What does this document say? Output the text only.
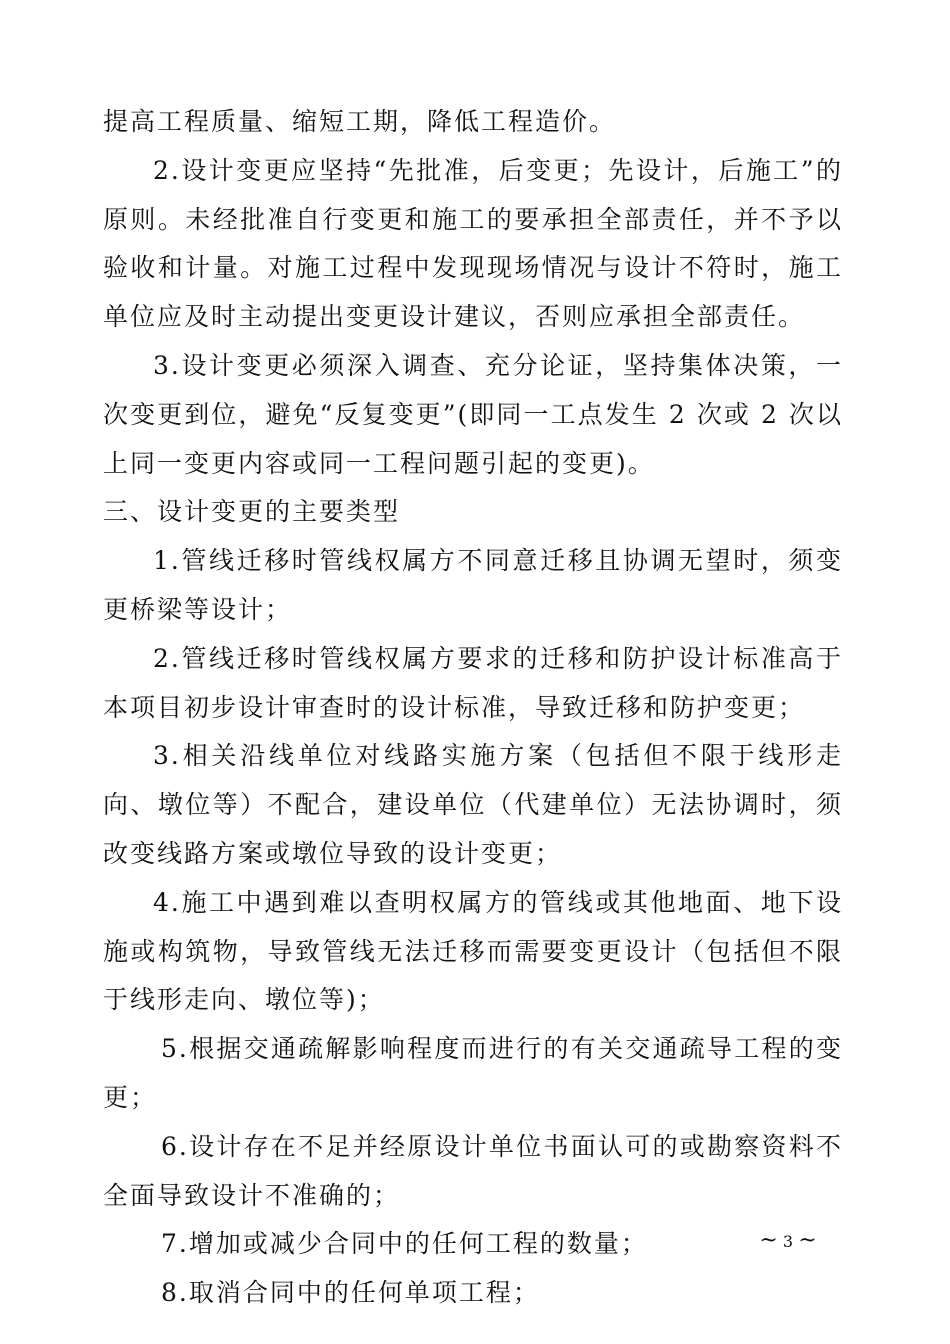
提高工程质量、缩短工期，降低工程造价。

2.设计变更应坚持“先批准，后变更；先设计，后施工”的原则。未经批准自行变更和施工的要承担全部责任，并不予以验收和计量。对施工过程中发现现场情况与设计不符时，施工单位应及时主动提出变更设计建议，否则应承担全部责任。

3.设计变更必须深入调查、充分论证，坚持集体决策，一次变更到位，避免“反复变更”(即同一工点发生 2 次或 2 次以上同一变更内容或同一工程问题引起的变更)。

三、设计变更的主要类型

1.管线迁移时管线权属方不同意迁移且协调无望时，须变更桥梁等设计；

2.管线迁移时管线权属方要求的迁移和防护设计标准高于本项目初步设计审查时的设计标准，导致迁移和防护变更；

3.相关沿线单位对线路实施方案（包括但不限于线形走向、墩位等）不配合，建设单位（代建单位）无法协调时，须改变线路方案或墩位导致的设计变更；

4.施工中遇到难以查明权属方的管线或其他地面、地下设施或构筑物，导致管线无法迁移而需要变更设计（包括但不限于线形走向、墩位等)；

5.根据交通疏解影响程度而进行的有关交通疏导工程的变更；

6.设计存在不足并经原设计单位书面认可的或勘察资料不全面导致设计不准确的；

7.增加或减少合同中的任何工程的数量；

8.取消合同中的任何单项工程；

~ 3 ~
